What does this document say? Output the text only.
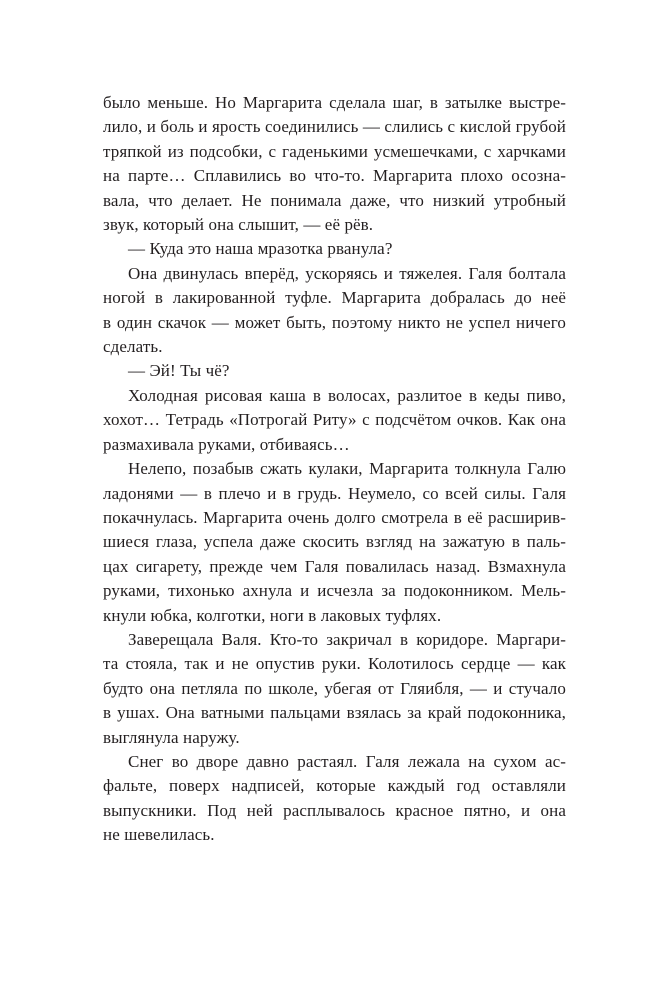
было меньше. Но Маргарита сделала шаг, в затылке выстре-
лило, и боль и ярость соединились — слились с кислой грубой
тряпкой из подсобки, с гаденькими усмешечками, с харчками
на парте… Сплавились во что-то. Маргарита плохо осозна-
вала, что делает. Не понимала даже, что низкий утробный
звук, который она слышит, — её рёв.

— Куда это наша мразотка рванула?

Она двинулась вперёд, ускоряясь и тяжелея. Галя болтала
ногой в лакированной туфле. Маргарита добралась до неё
в один скачок — может быть, поэтому никто не успел ничего
сделать.

— Эй! Ты чё?

Холодная рисовая каша в волосах, разлитое в кеды пиво,
хохот… Тетрадь «Потрогай Риту» с подсчётом очков. Как она
размахивала руками, отбиваясь…

Нелепо, позабыв сжать кулаки, Маргарита толкнула Галю
ладонями — в плечо и в грудь. Неумело, со всей силы. Галя
покачнулась. Маргарита очень долго смотрела в её расширив-
шиеся глаза, успела даже скосить взгляд на зажатую в паль-
цах сигарету, прежде чем Галя повалилась назад. Взмахнула
руками, тихонько ахнула и исчезла за подоконником. Мель-
кнули юбка, колготки, ноги в лаковых туфлях.

Заверещала Валя. Кто-то закричал в коридоре. Маргари-
та стояла, так и не опустив руки. Колотилось сердце — как
будто она петляла по школе, убегая от Гляибля, — и стучало
в ушах. Она ватными пальцами взялась за край подоконника,
выглянула наружу.

Снег во дворе давно растаял. Галя лежала на сухом ас-
фальте, поверх надписей, которые каждый год оставляли
выпускники. Под ней расплывалось красное пятно, и она
не шевелилась.
